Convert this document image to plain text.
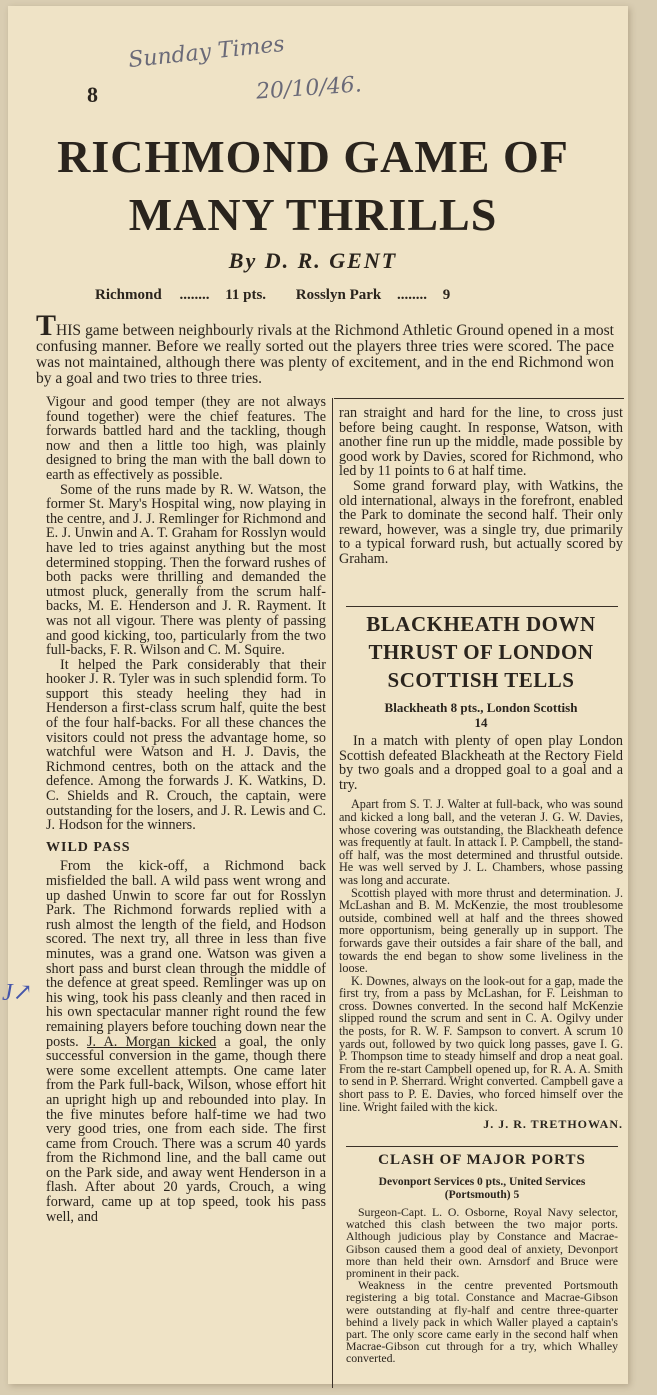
Sunday Times
20/10/46.
8
RICHMOND GAME OF
MANY THRILLS
By D. R. GENT
Richmond ........ 11 pts. Rosslyn Park ........ 9

THIS game between neighbourly rivals at the Richmond Athletic Ground opened in a most confusing manner. Before we really sorted out the players three tries were scored. The pace was not maintained, although there was plenty of excitement, and in the end Richmond won by a goal and two tries to three tries.

Vigour and good temper (they are not always found together) were the chief features. The forwards battled hard and the tackling, though now and then a little too high, was plainly designed to bring the man with the ball down to earth as effectively as possible.

Some of the runs made by R. W. Watson, the former St. Mary's Hospital wing, now playing in the centre, and J. J. Remlinger for Richmond and E. J. Unwin and A. T. Graham for Rosslyn would have led to tries against anything but the most determined stopping. Then the forward rushes of both packs were thrilling and demanded the utmost pluck, generally from the scrum half-backs, M. E. Henderson and J. R. Rayment. It was not all vigour. There was plenty of passing and good kicking, too, particularly from the two full-backs, F. R. Wilson and C. M. Squire.

It helped the Park considerably that their hooker J. R. Tyler was in such splendid form. To support this steady heeling they had in Henderson a first-class scrum half, quite the best of the four half-backs. For all these chances the visitors could not press the advantage home, so watchful were Watson and H. J. Davis, the Richmond centres, both on the attack and the defence. Among the forwards J. K. Watkins, D. C. Shields and R. Crouch, the captain, were outstanding for the losers, and J. R. Lewis and C. J. Hodson for the winners.

WILD PASS

From the kick-off, a Richmond back misfielded the ball. A wild pass went wrong and up dashed Unwin to score far out for Rosslyn Park. The Richmond forwards replied with a rush almost the length of the field, and Hodson scored. The next try, all three in less than five minutes, was a grand one. Watson was given a short pass and burst clean through the middle of the defence at great speed. Remlinger was up on his wing, took his pass cleanly and then raced in his own spectacular manner right round the few remaining players before touching down near the posts. J. A. Morgan kicked a goal, the only successful conversion in the game, though there were some excellent attempts. One came later from the Park full-back, Wilson, whose effort hit an upright high up and rebounded into play. In the five minutes before half-time we had two very good tries, one from each side. The first came from Crouch. There was a scrum 40 yards from the Richmond line, and the ball came out on the Park side, and away went Henderson in a flash. After about 20 yards, Crouch, a wing forward, came up at top speed, took his pass well, and

ran straight and hard for the line, to cross just before being caught. In response, Watson, with another fine run up the middle, made possible by good work by Davies, scored for Richmond, who led by 11 points to 6 at half time.

Some grand forward play, with Watkins, the old international, always in the forefront, enabled the Park to dominate the second half. Their only reward, however, was a single try, due primarily to a typical forward rush, but actually scored by Graham.

BLACKHEATH DOWN
THRUST OF LONDON
SCOTTISH TELLS
Blackheath 8 pts., London Scottish 14

In a match with plenty of open play London Scottish defeated Blackheath at the Rectory Field by two goals and a dropped goal to a goal and a try.

Apart from S. T. J. Walter at full-back, who was sound and kicked a long ball, and the veteran J. G. W. Davies, whose covering was outstanding, the Blackheath defence was frequently at fault. In attack I. P. Campbell, the stand-off half, was the most determined and thrustful outside. He was well served by J. L. Chambers, whose passing was long and accurate.

Scottish played with more thrust and determination. J. McLashan and B. M. McKenzie, the most troublesome outside, combined well at half and the threes showed more opportunism, being generally up in support. The forwards gave their outsides a fair share of the ball, and towards the end began to show some liveliness in the loose.

K. Downes, always on the look-out for a gap, made the first try, from a pass by McLashan, for F. Leishman to cross. Downes converted. In the second half McKenzie slipped round the scrum and sent in C. A. Ogilvy under the posts, for R. W. F. Sampson to convert. A scrum 10 yards out, followed by two quick long passes, gave I. G. P. Thompson time to steady himself and drop a neat goal. From the re-start Campbell opened up, for R. A. A. Smith to send in P. Sherrard. Wright converted. Campbell gave a short pass to P. E. Davies, who forced himself over the line. Wright failed with the kick.

J. J. R. TRETHOWAN.
CLASH OF MAJOR PORTS
Devonport Services 0 pts., United Services (Portsmouth) 5

Surgeon-Capt. L. O. Osborne, Royal Navy selector, watched this clash between the two major ports. Although judicious play by Constance and Macrae-Gibson caused them a good deal of anxiety, Devonport more than held their own. Arnsdorf and Bruce were prominent in their pack.

Weakness in the centre prevented Portsmouth registering a big total. Constance and Macrae-Gibson were outstanding at fly-half and centre three-quarter behind a lively pack in which Waller played a captain's part. The only score came early in the second half when Macrae-Gibson cut through for a try, which Whalley converted.

J↗
